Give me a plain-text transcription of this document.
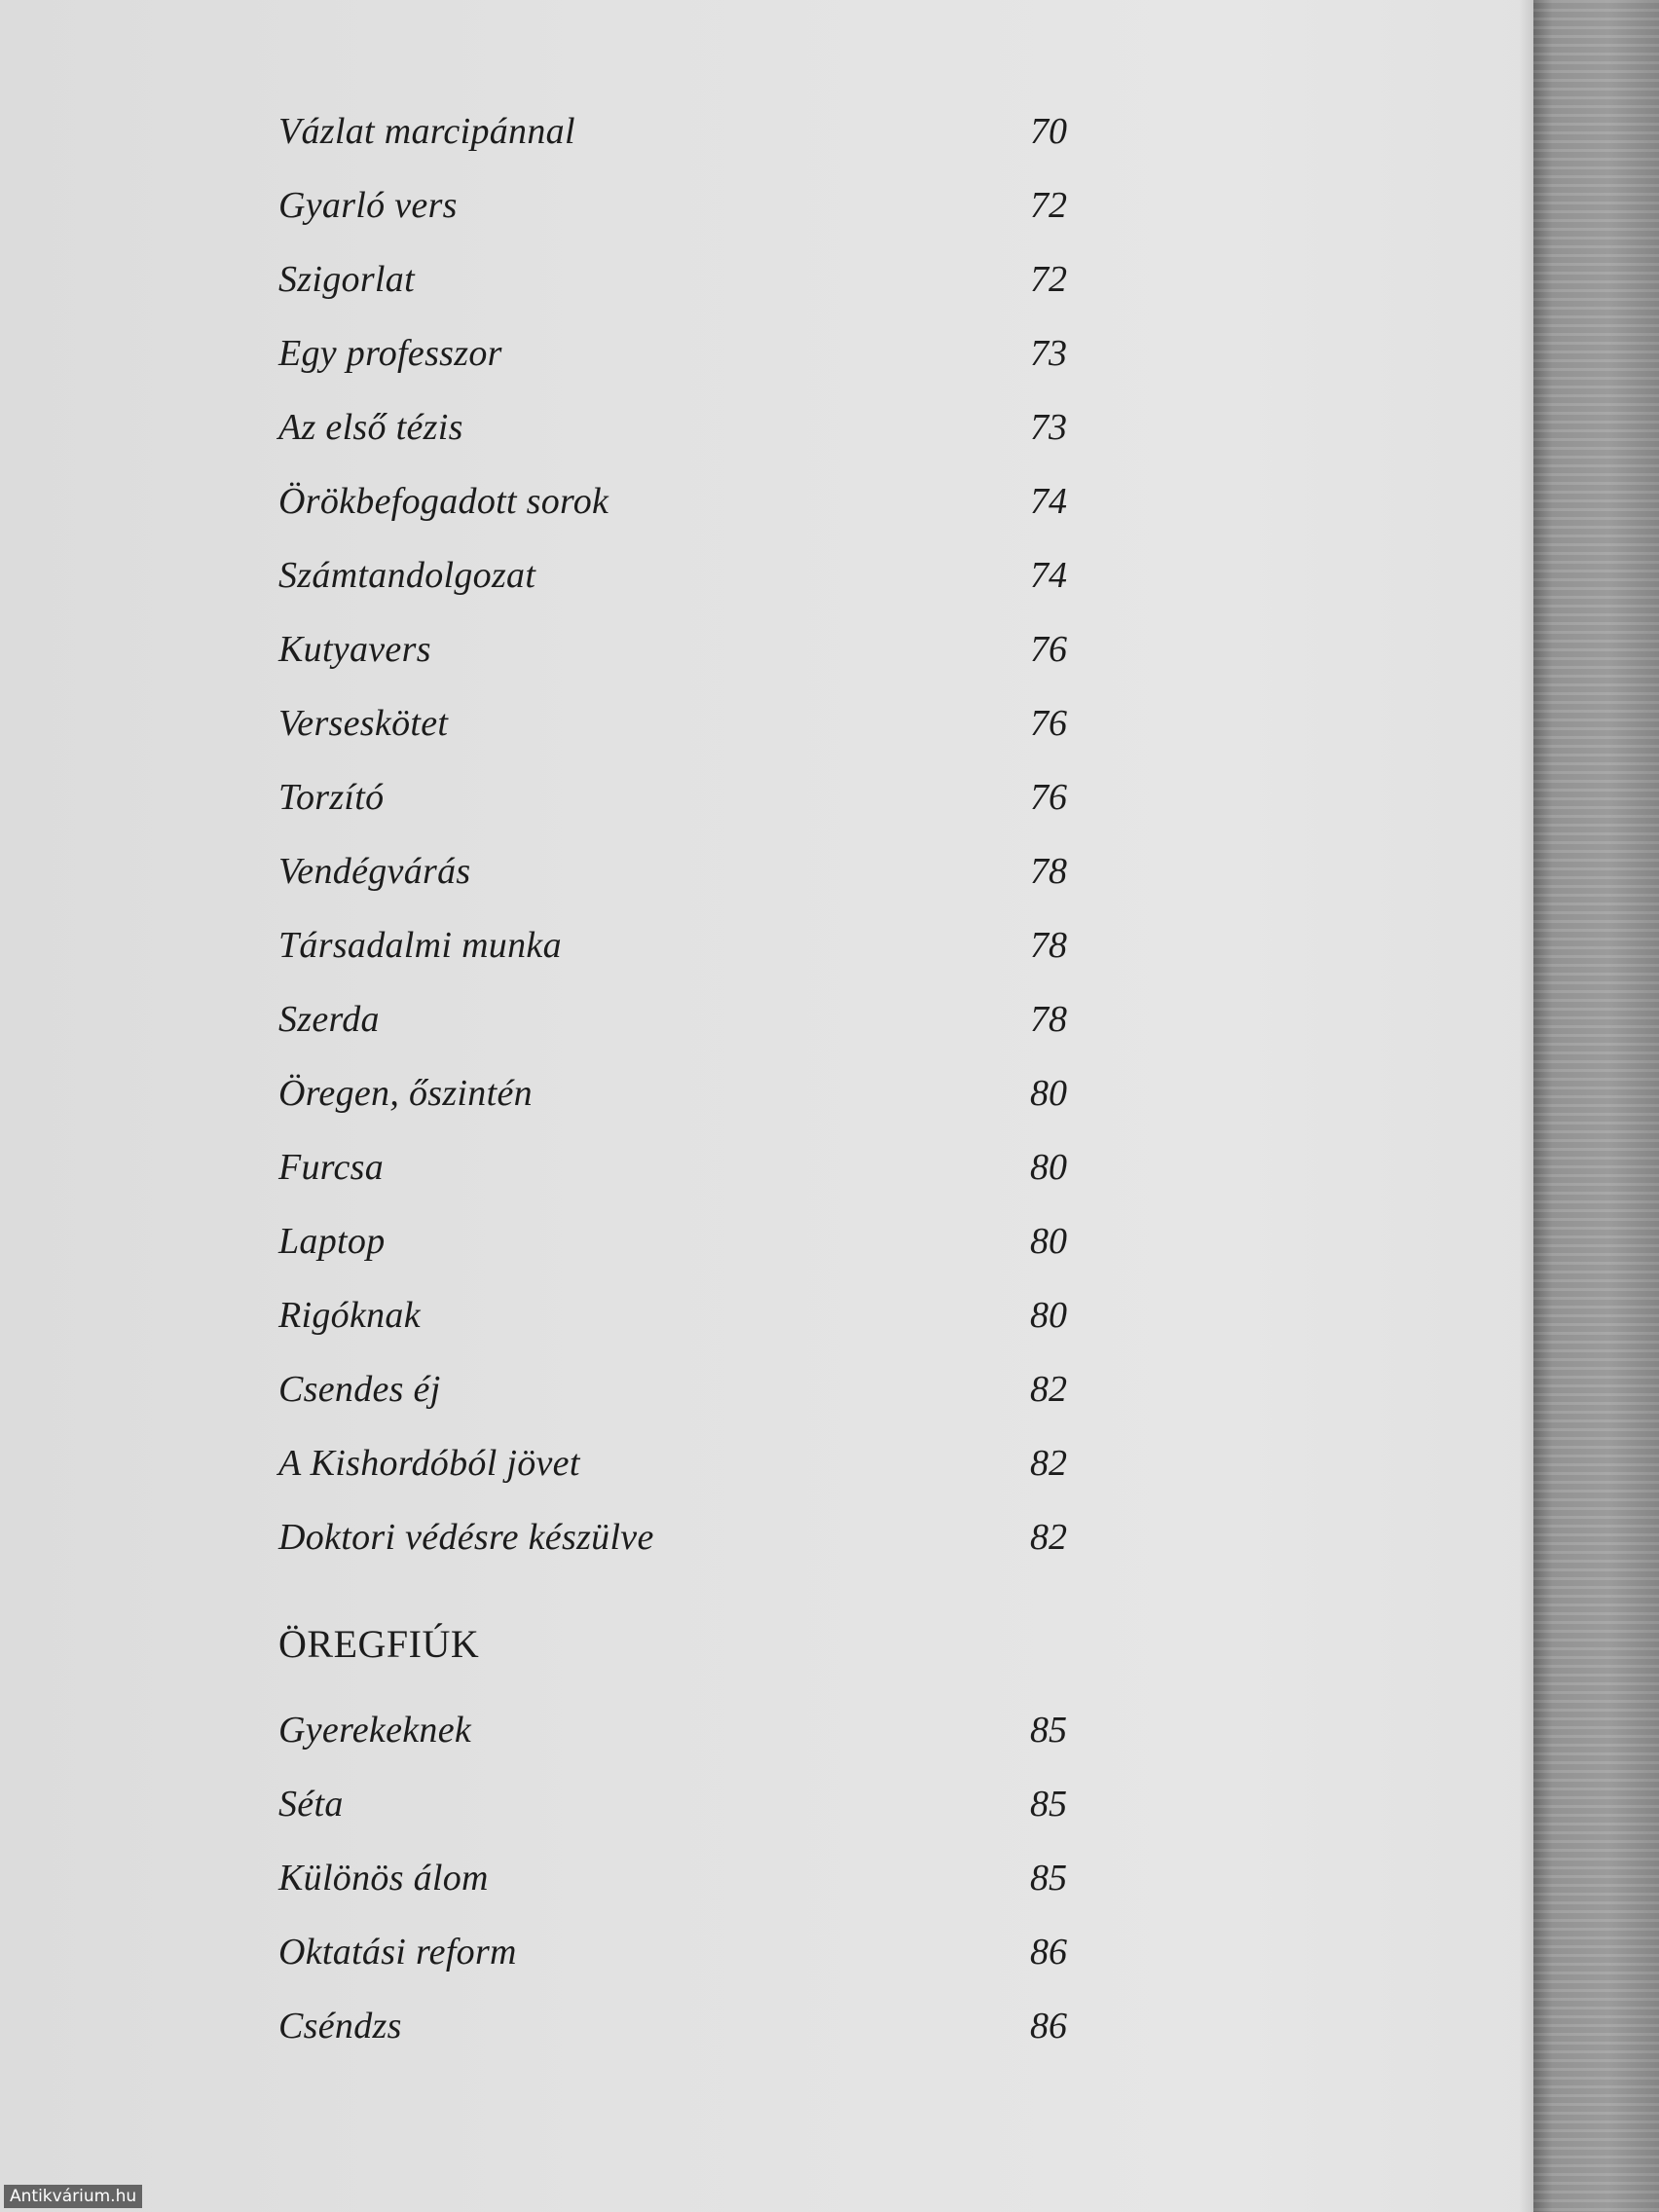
Vázlat marcipánnal	70
Gyarló vers	72
Szigorlat	72
Egy professzor	73
Az első tézis	73
Örökbefogadott sorok	74
Számtandolgozat	74
Kutyavers	76
Verseskötet	76
Torzító	76
Vendégvárás	78
Társadalmi munka	78
Szerda	78
Öregen, őszintén	80
Furcsa	80
Laptop	80
Rigóknak	80
Csendes éj	82
A Kishordóból jövet	82
Doktori védésre készülve	82
ÖREGFIÚK
Gyerekeknek	85
Séta	85
Különös álom	85
Oktatási reform	86
Cséndzs	86
Antikvárium.hu
